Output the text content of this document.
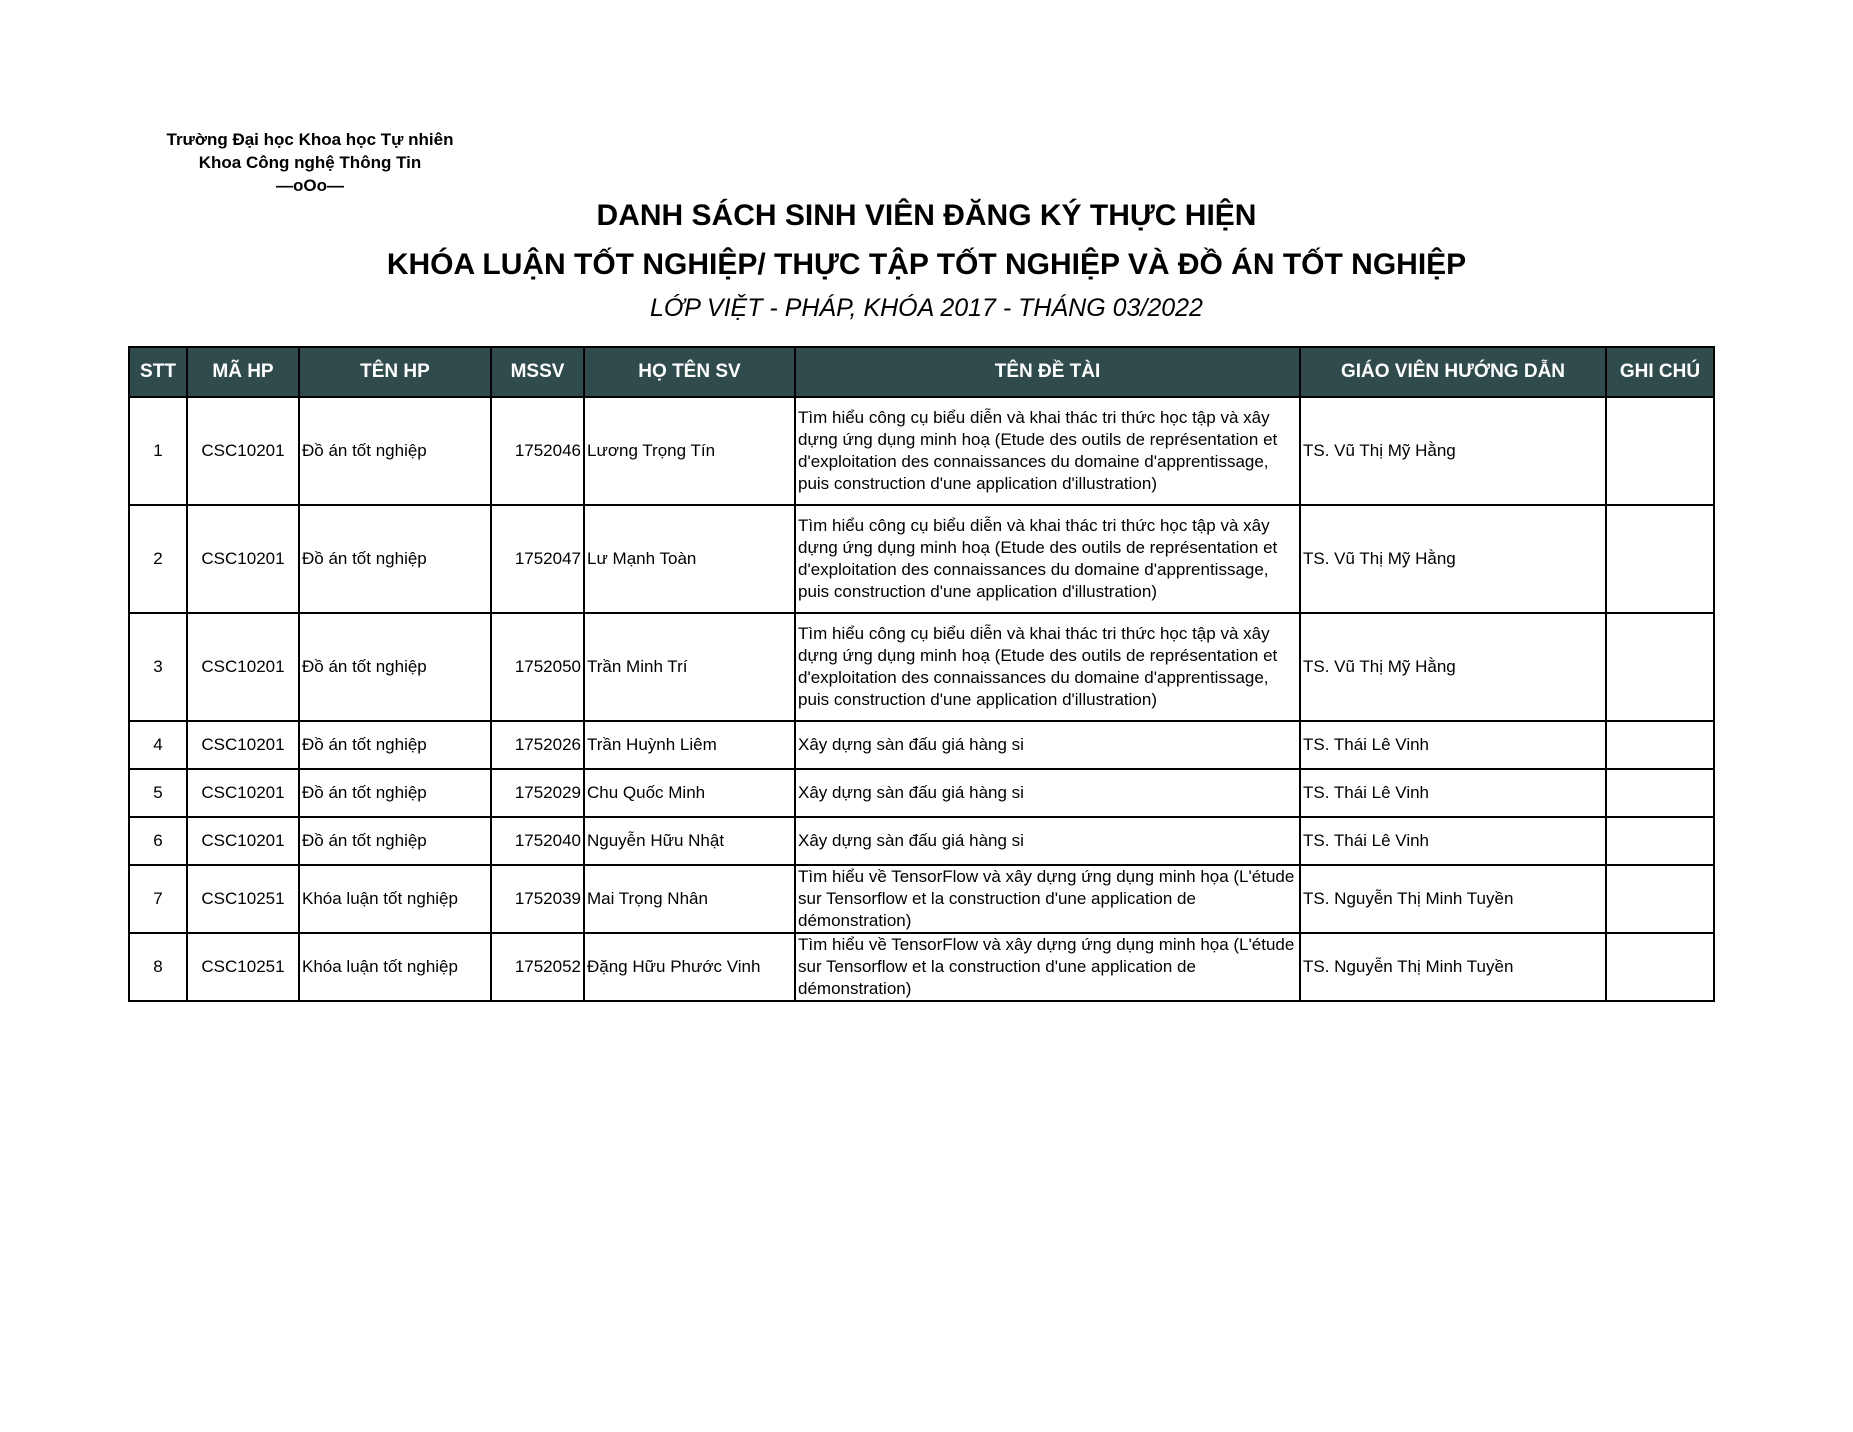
Trường Đại học Khoa học Tự nhiên
Khoa Công nghệ Thông Tin
—oOo—
DANH SÁCH SINH VIÊN ĐĂNG KÝ THỰC HIỆN
KHÓA LUẬN TỐT NGHIỆP/ THỰC TẬP TỐT NGHIỆP VÀ ĐỒ ÁN TỐT NGHIỆP
LỚP VIỆT - PHÁP, KHÓA 2017 - THÁNG 03/2022
STT	MÃ HP	TÊN HP	MSSV	HỌ TÊN SV	TÊN ĐỀ TÀI	GIÁO VIÊN HƯỚNG DẪN	GHI CHÚ
1	CSC10201	Đồ án tốt nghiệp	1752046	Lương Trọng Tín	Tìm hiểu công cụ biểu diễn và khai thác tri thức học tập và xây dựng ứng dụng minh hoạ (Etude des outils de représentation et d'exploitation des connaissances du domaine d'apprentissage, puis construction d'une application d'illustration)	TS. Vũ Thị Mỹ Hằng	
2	CSC10201	Đồ án tốt nghiệp	1752047	Lư Mạnh Toàn	Tìm hiểu công cụ biểu diễn và khai thác tri thức học tập và xây dựng ứng dụng minh hoạ (Etude des outils de représentation et d'exploitation des connaissances du domaine d'apprentissage, puis construction d'une application d'illustration)	TS. Vũ Thị Mỹ Hằng	
3	CSC10201	Đồ án tốt nghiệp	1752050	Trần Minh Trí	Tìm hiểu công cụ biểu diễn và khai thác tri thức học tập và xây dựng ứng dụng minh hoạ (Etude des outils de représentation et d'exploitation des connaissances du domaine d'apprentissage, puis construction d'une application d'illustration)	TS. Vũ Thị Mỹ Hằng	
4	CSC10201	Đồ án tốt nghiệp	1752026	Trần Huỳnh Liêm	Xây dựng sàn đấu giá hàng si	TS. Thái Lê Vinh	
5	CSC10201	Đồ án tốt nghiệp	1752029	Chu Quốc Minh	Xây dựng sàn đấu giá hàng si	TS. Thái Lê Vinh	
6	CSC10201	Đồ án tốt nghiệp	1752040	Nguyễn Hữu Nhật	Xây dựng sàn đấu giá hàng si	TS. Thái Lê Vinh	
7	CSC10251	Khóa luận tốt nghiệp	1752039	Mai Trọng Nhân	Tìm hiểu về TensorFlow và xây dựng ứng dụng minh họa (L'étude sur Tensorflow et la construction d'une application de démonstration)	TS. Nguyễn Thị Minh Tuyền	
8	CSC10251	Khóa luận tốt nghiệp	1752052	Đặng Hữu Phước Vinh	Tìm hiểu về TensorFlow và xây dựng ứng dụng minh họa (L'étude sur Tensorflow et la construction d'une application de démonstration)	TS. Nguyễn Thị Minh Tuyền	
